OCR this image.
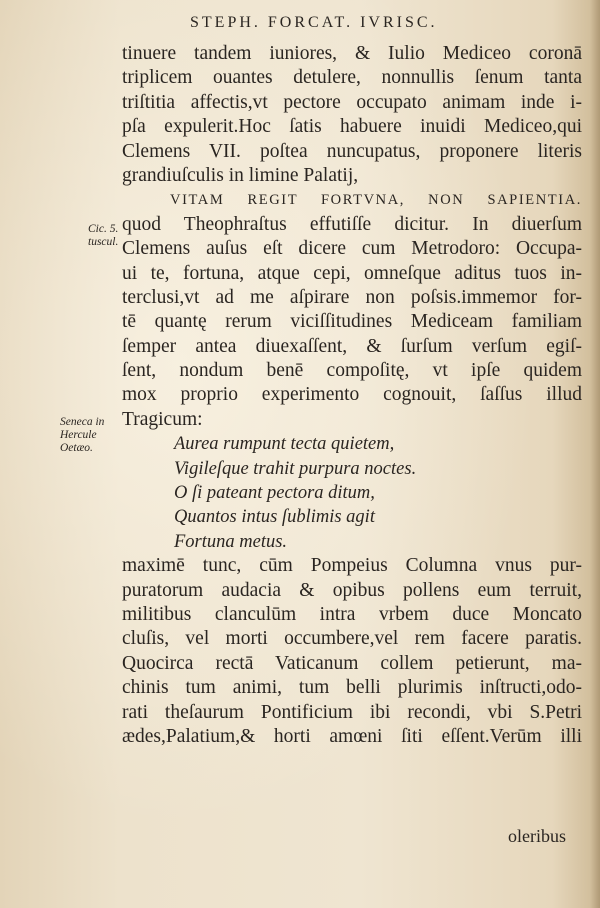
STEPH. FORCAT. IVRISC.
Cic. 5.
tuscul.
Seneca in
Hercule
Oetæo.
tinuere tandem iuniores, & Iulio Mediceo coronā
triplicem ouantes detulere, nonnullis ſenum tanta
triſtitia affectis,vt pectore occupato animam inde i-
pſa expulerit.Hoc ſatis habuere inuidi Mediceo,qui
Clemens VII. poſtea nuncupatus, proponere literis
grandiuſculis in limine Palatij,
VITAM REGIT FORTVNA, NON SAPIENTIA.
quod Theophraſtus effutiſſe dicitur. In diuerſum
Clemens auſus eſt dicere cum Metrodoro: Occupa-
ui te, fortuna, atque cepi, omneſque aditus tuos in-
terclusi,vt ad me aſpirare non poſsis.immemor for-
tē quantę rerum viciſſitudines Mediceam familiam
ſemper antea diuexaſſent, & ſurſum verſum egiſ-
ſent, nondum benē compoſitę, vt ipſe quidem
mox proprio experimento cognouit, ſaſſus illud
Tragicum:
Aurea rumpunt tecta quietem,
Vigileſque trahit purpura noctes.
O ſi pateant pectora ditum,
Quantos intus ſublimis agit
Fortuna metus.
maximē tunc, cūm Pompeius Columna vnus pur-
puratorum audacia & opibus pollens eum terruit,
militibus clanculūm intra vrbem duce Moncato
cluſis, vel morti occumbere,vel rem facere paratis.
Quocirca rectā Vaticanum collem petierunt, ma-
chinis tum animi, tum belli plurimis inſtructi,odo-
rati theſaurum Pontificium ibi recondi, vbi S.Petri
ædes,Palatium,& horti amœni ſiti eſſent.Verūm illi
oleribus
